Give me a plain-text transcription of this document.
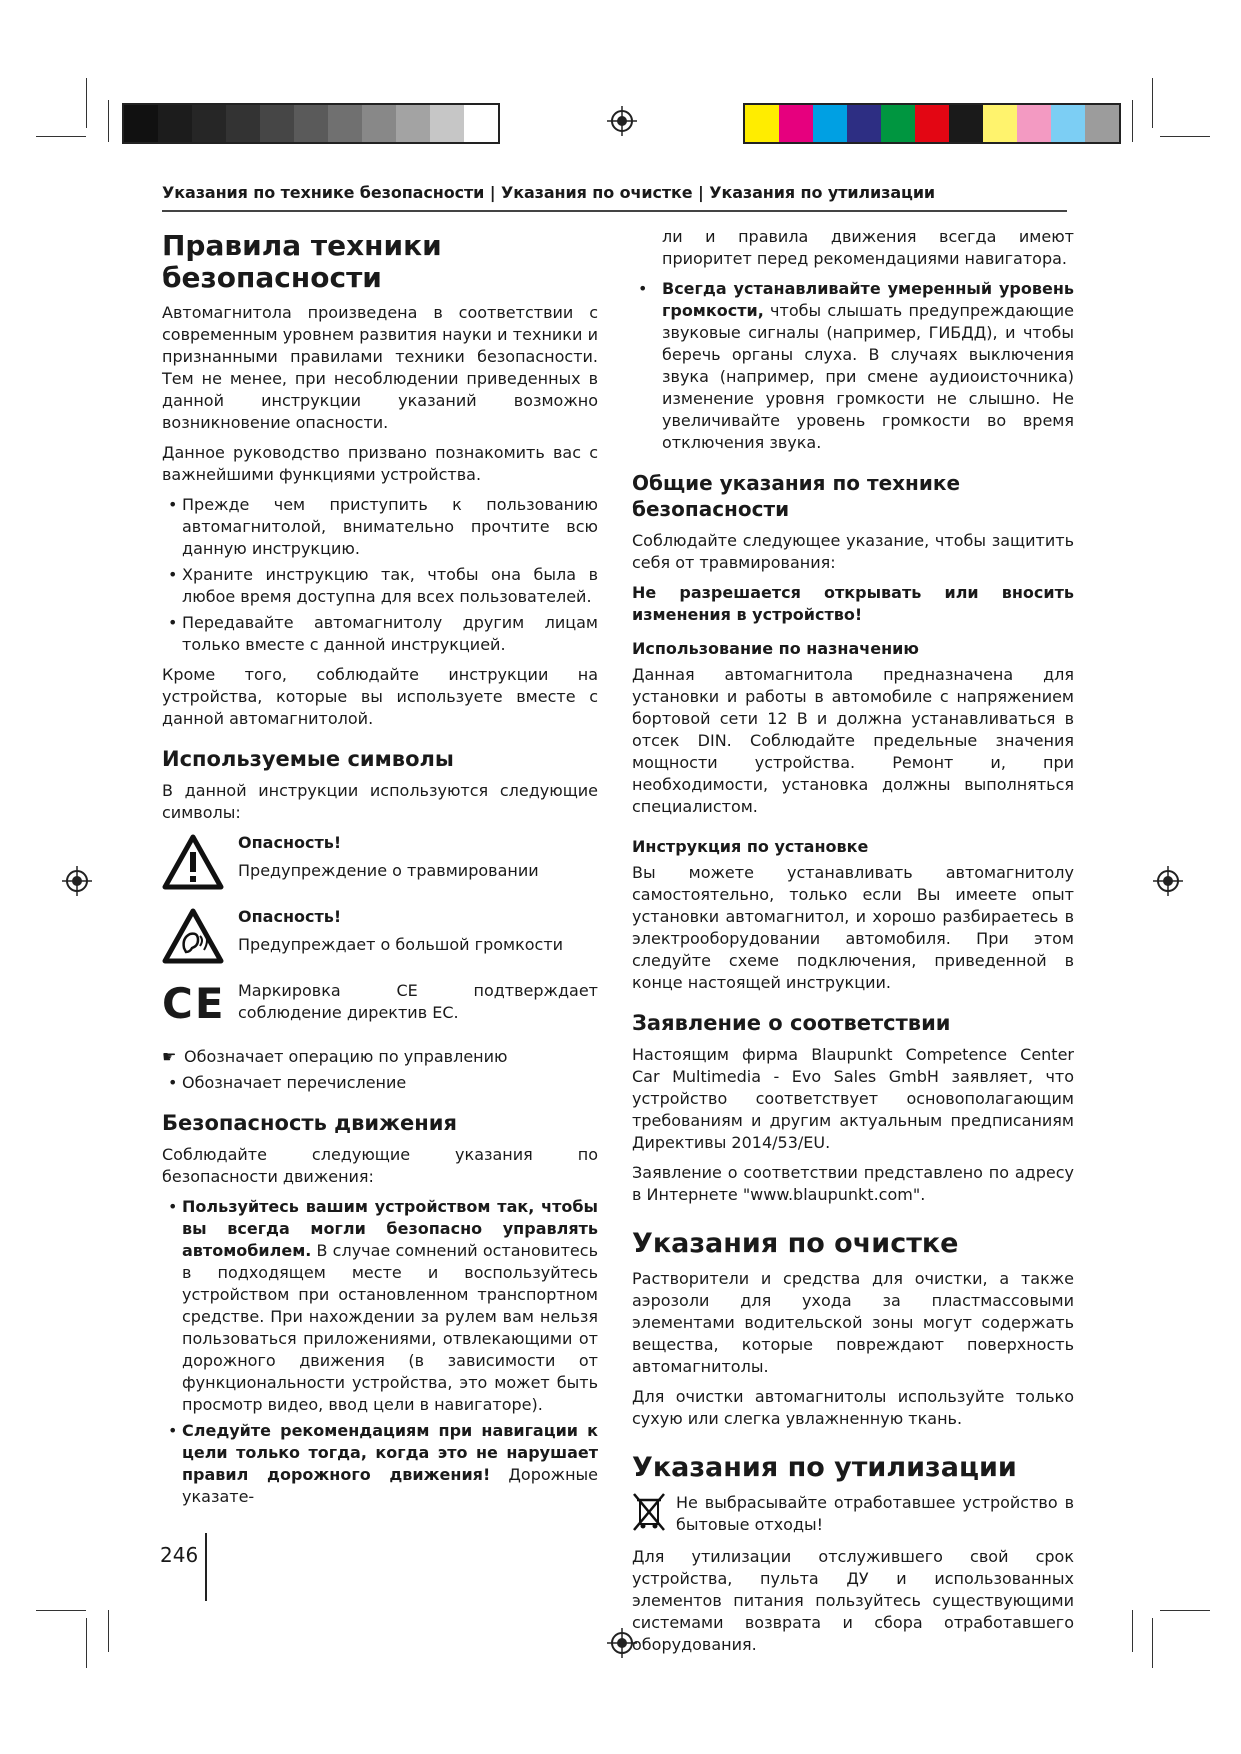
Указания по технике безопасности | Указания по очистке | Указания по утилизации
Правила техники безопасности

Автомагнитола произведена в соответствии с современным уровнем развития науки и техники и признанными правилами техники безопасности. Тем не менее, при несоблюдении приведенных в данной инструкции указаний возможно возникновение опасности.

Данное руководство призвано познакомить вас с важнейшими функциями устройства.

• Прежде чем приступить к пользованию автомагнитолой, внимательно прочтите всю данную инструкцию.
• Храните инструкцию так, чтобы она была в любое время доступна для всех пользователей.
• Передавайте автомагнитолу другим лицам только вместе с данной инструкцией.

Кроме того, соблюдайте инструкции на устройства, которые вы используете вместе с данной автомагнитолой.

Используемые символы

В данной инструкции используются следующие символы:

Опасность!
Предупреждение о травмировании
Опасность!
Предупреждает о большой громкости
CE Маркировка CE подтверждает соблюдение директив ЕС.

☛ Обозначает операцию по управлению
• Обозначает перечисление
Безопасность движения

Соблюдайте следующие указания по безопасности движения:

• Пользуйтесь вашим устройством так, чтобы вы всегда могли безопасно управлять автомобилем. В случае сомнений остановитесь в подходящем месте и воспользуйтесь устройством при остановленном транспортном средстве. При нахождении за рулем вам нельзя пользоваться приложениями, отвлекающими от дорожного движения (в зависимости от функциональности устройства, это может быть просмотр видео, ввод цели в навигаторе).
• Следуйте рекомендациям при навигации к цели только тогда, когда это не нарушает правил дорожного движения! Дорожные указате-

ли и правила движения всегда имеют приоритет перед рекомендациями навигатора.

• Всегда устанавливайте умеренный уровень громкости, чтобы слышать предупреждающие звуковые сигналы (например, ГИБДД), и чтобы беречь органы слуха. В случаях выключения звука (например, при смене аудиоисточника) изменение уровня громкости не слышно. Не увеличивайте уровень громкости во время отключения звука.
Общие указания по технике безопасности

Соблюдайте следующее указание, чтобы защитить себя от травмирования:

Не разрешается открывать или вносить изменения в устройство!

Использование по назначению

Данная автомагнитола предназначена для установки и работы в автомобиле с напряжением бортовой сети 12 В и должна устанавливаться в отсек DIN. Соблюдайте предельные значения мощности устройства. Ремонт и, при необходимости, установка должны выполняться специалистом.

Инструкция по установке

Вы можете устанавливать автомагнитолу самостоятельно, только если Вы имеете опыт установки автомагнитол, и хорошо разбираетесь в электрооборудовании автомобиля. При этом следуйте схеме подключения, приведенной в конце настоящей инструкции.

Заявление о соответствии

Настоящим фирма Blaupunkt Competence Center Car Multimedia - Evo Sales GmbH заявляет, что устройство соответствует основополагающим требованиям и другим актуальным предписаниям Директивы 2014/53/EU.

Заявление о соответствии представлено по адресу в Интернете "www.blaupunkt.com".

Указания по очистке

Растворители и средства для очистки, а также аэрозоли для ухода за пластмассовыми элементами водительской зоны могут содержать вещества, которые повреждают поверхность автомагнитолы.

Для очистки автомагнитолы используйте только сухую или слегка увлажненную ткань.

Указания по утилизации

Не выбрасывайте отработавшее устройство в бытовые отходы!

Для утилизации отслужившего свой срок устройства, пульта ДУ и использованных элементов питания пользуйтесь существующими системами возврата и сбора отработавшего оборудования.

246
